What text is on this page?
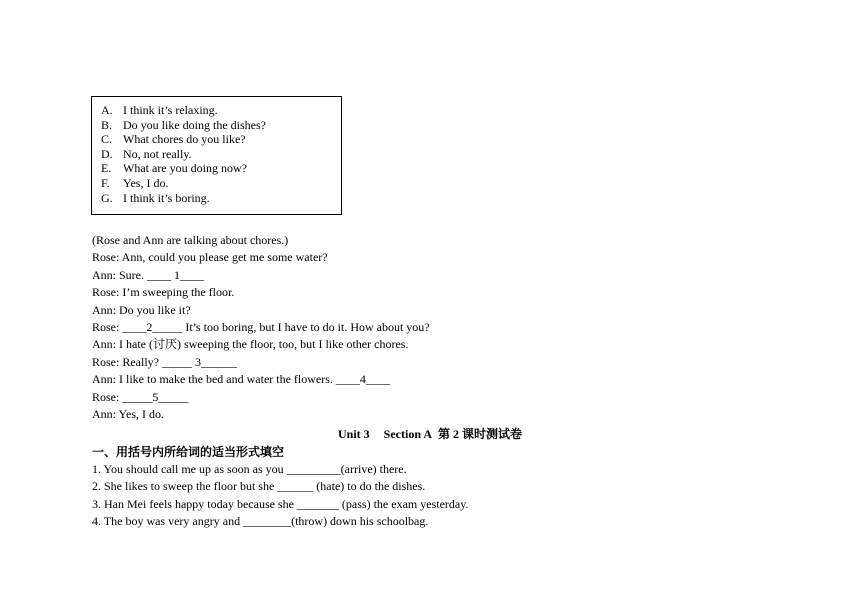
A. I think it’s relaxing.
B. Do you like doing the dishes?
C. What chores do you like?
D. No, not really.
E. What are you doing now?
F.	Yes, I do.
G. I think it’s boring.
(Rose and Ann are talking about chores.)
Rose: Ann, could you please get me some water?
Ann: Sure. ____ 1____
Rose: I’m sweeping the floor.
Ann: Do you like it?
Rose: ____2_____ It’s too boring, but I have to do it. How about you?
Ann: I hate (讨厌) sweeping the floor, too, but I like other chores.
Rose: Really? _____ 3______
Ann: I like to make the bed and water the flowers. ____4____
Rose: _____5_____
Ann: Yes, I do.
Unit 3 Section A 第 2 课时测试卷
一、用括号内所给词的适当形式填空
1. You should call me up as soon as you _________(arrive) there.
2. She likes to sweep the floor but she ______ (hate) to do the dishes.
3. Han Mei feels happy today because she _______ (pass) the exam yesterday.
4. The boy was very angry and ________(throw) down his schoolbag.
